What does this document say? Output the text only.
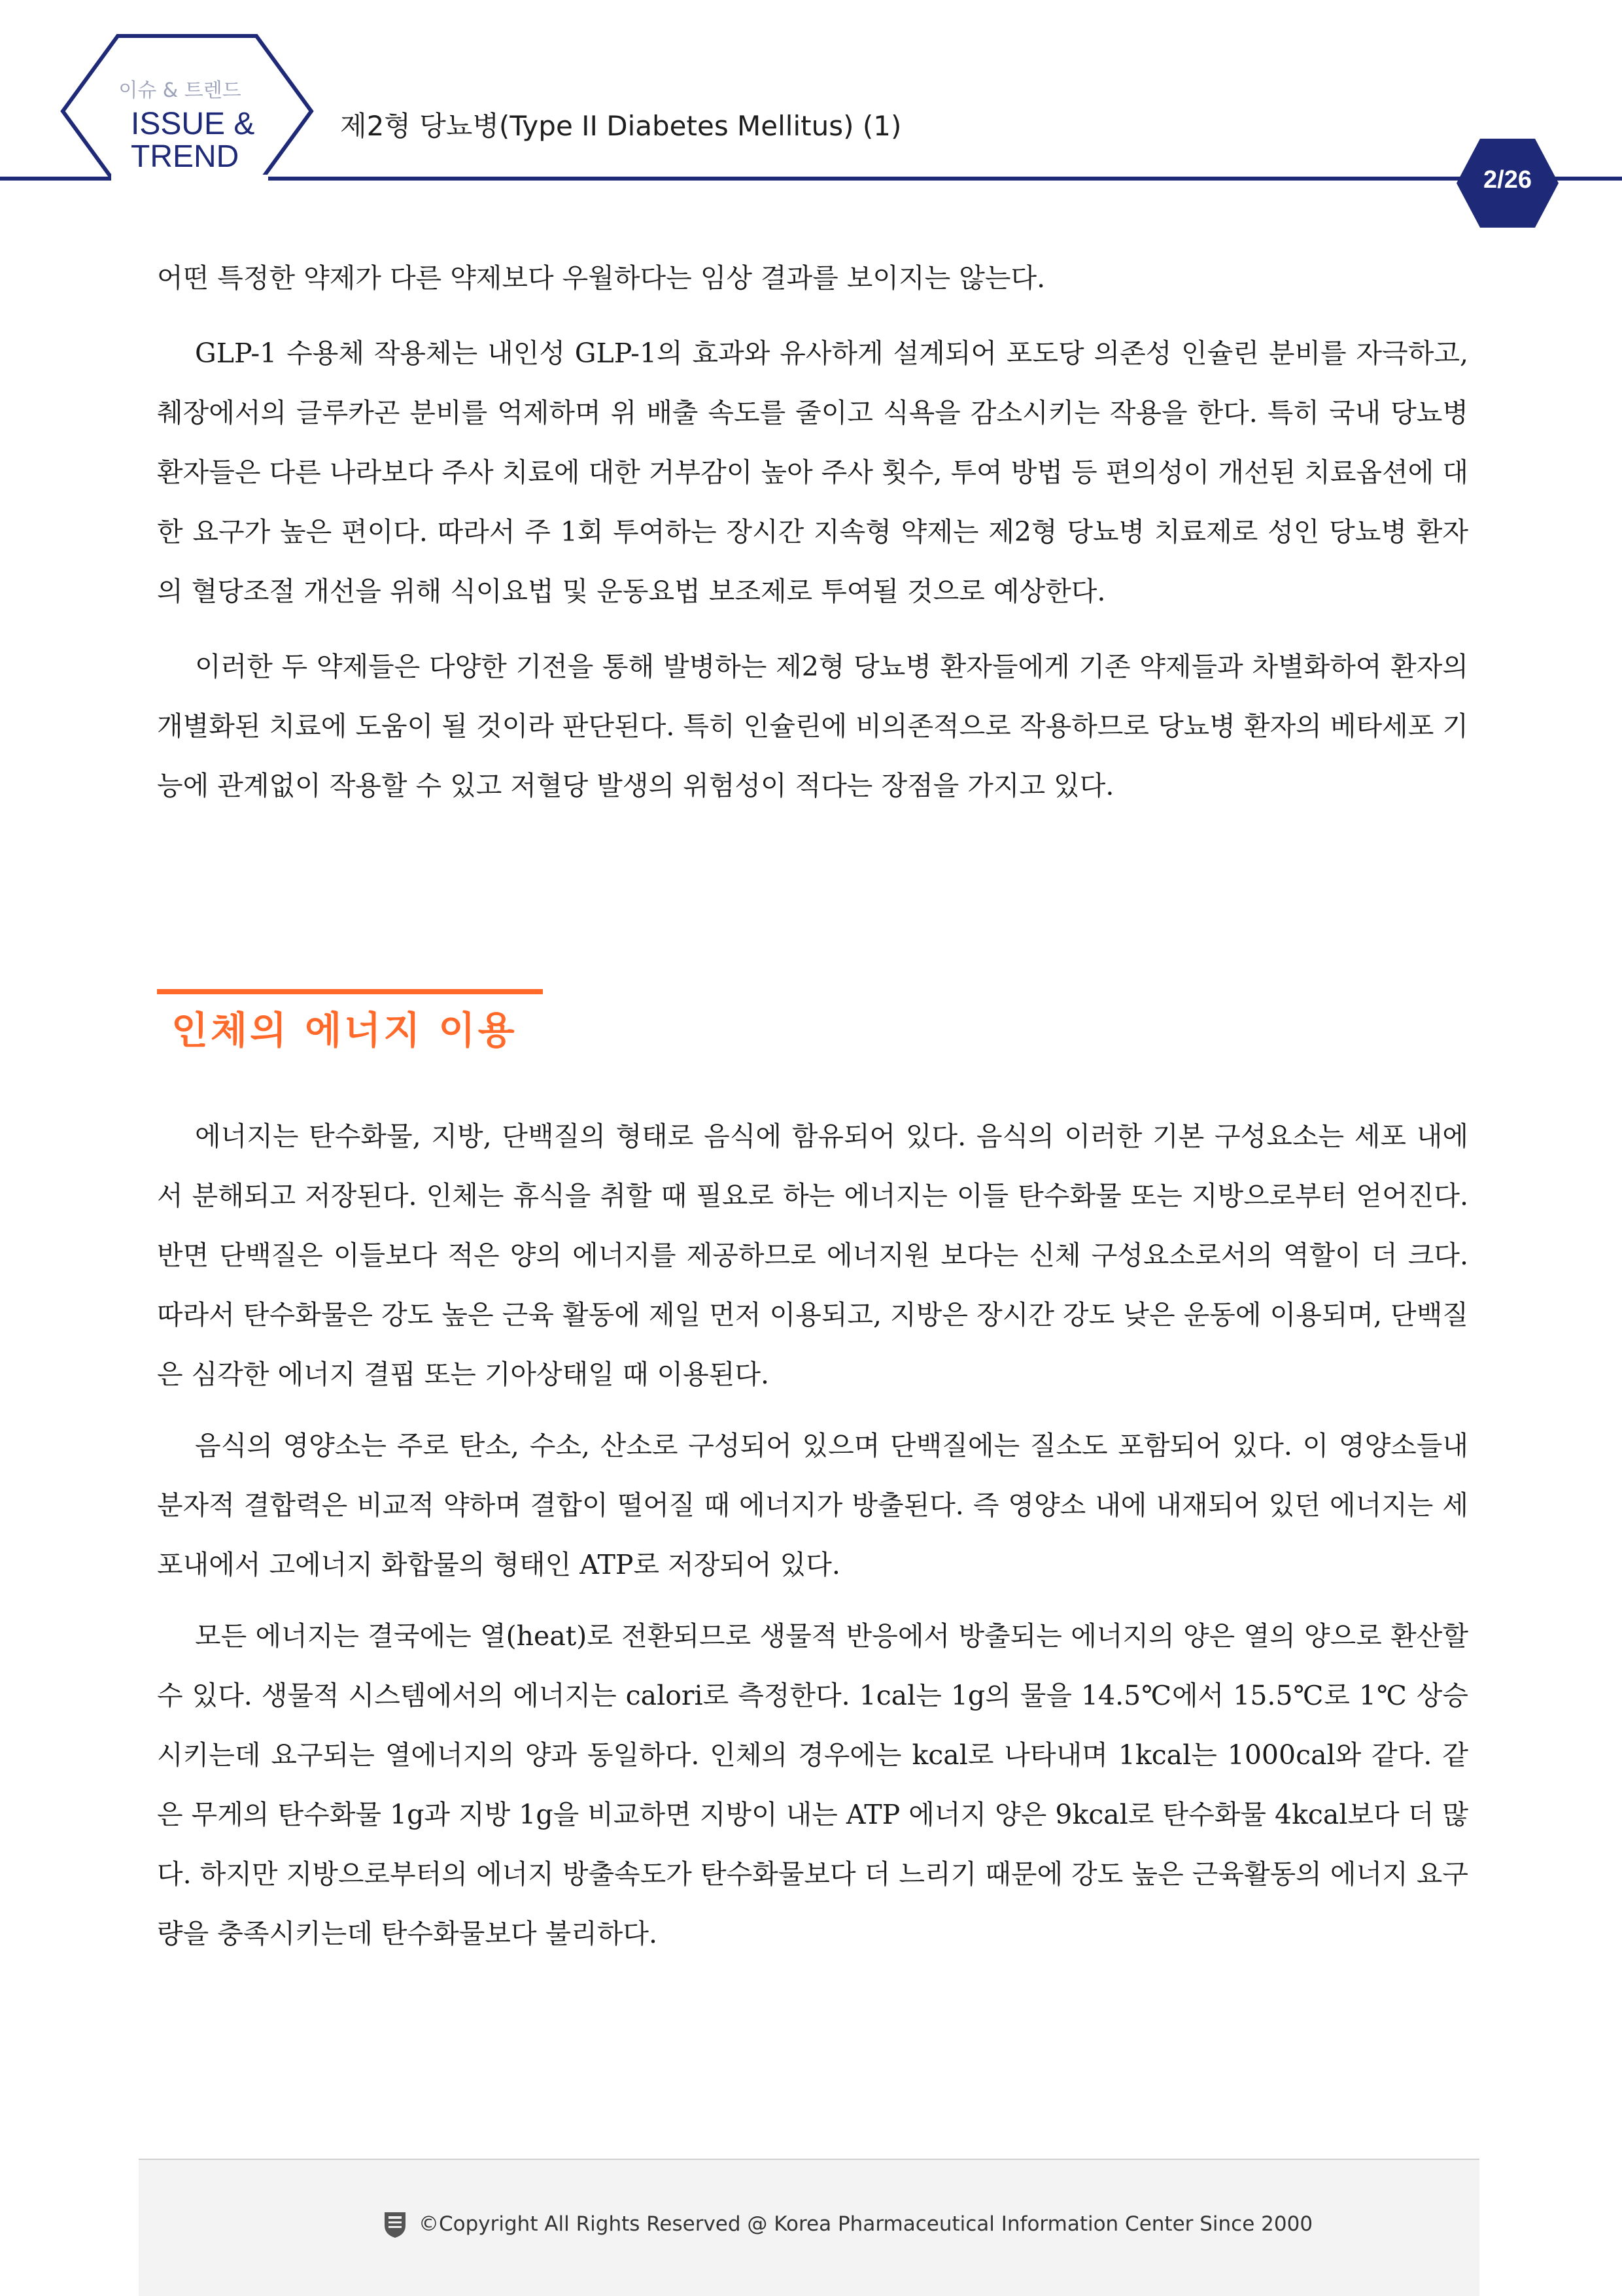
이슈 & 트렌드
ISSUE &
TREND
제2형 당뇨병(Type II Diabetes Mellitus) (1)
2/26

어떤 특정한 약제가 다른 약제보다 우월하다는 임상 결과를 보이지는 않는다.

GLP-1 수용체 작용체는 내인성 GLP-1의 효과와 유사하게 설계되어 포도당 의존성 인슐린 분비를 자극하고, 췌장에서의 글루카곤 분비를 억제하며 위 배출 속도를 줄이고 식욕을 감소시키는 작용을 한다. 특히 국내 당뇨병 환자들은 다른 나라보다 주사 치료에 대한 거부감이 높아 주사 횟수, 투여 방법 등 편의성이 개선된 치료옵션에 대한 요구가 높은 편이다. 따라서 주 1회 투여하는 장시간 지속형 약제는 제2형 당뇨병 치료제로 성인 당뇨병 환자의 혈당조절 개선을 위해 식이요법 및 운동요법 보조제로 투여될 것으로 예상한다.

이러한 두 약제들은 다양한 기전을 통해 발병하는 제2형 당뇨병 환자들에게 기존 약제들과 차별화하여 환자의 개별화된 치료에 도움이 될 것이라 판단된다. 특히 인슐린에 비의존적으로 작용하므로 당뇨병 환자의 베타세포 기능에 관계없이 작용할 수 있고 저혈당 발생의 위험성이 적다는 장점을 가지고 있다.

인체의 에너지 이용

에너지는 탄수화물, 지방, 단백질의 형태로 음식에 함유되어 있다. 음식의 이러한 기본 구성요소는 세포 내에서 분해되고 저장된다. 인체는 휴식을 취할 때 필요로 하는 에너지는 이들 탄수화물 또는 지방으로부터 얻어진다. 반면 단백질은 이들보다 적은 양의 에너지를 제공하므로 에너지원 보다는 신체 구성요소로서의 역할이 더 크다. 따라서 탄수화물은 강도 높은 근육 활동에 제일 먼저 이용되고, 지방은 장시간 강도 낮은 운동에 이용되며, 단백질은 심각한 에너지 결핍 또는 기아상태일 때 이용된다.

음식의 영양소는 주로 탄소, 수소, 산소로 구성되어 있으며 단백질에는 질소도 포함되어 있다. 이 영양소들내 분자적 결합력은 비교적 약하며 결합이 떨어질 때 에너지가 방출된다. 즉 영양소 내에 내재되어 있던 에너지는 세포내에서 고에너지 화합물의 형태인 ATP로 저장되어 있다.

모든 에너지는 결국에는 열(heat)로 전환되므로 생물적 반응에서 방출되는 에너지의 양은 열의 양으로 환산할 수 있다. 생물적 시스템에서의 에너지는 calori로 측정한다. 1cal는 1g의 물을 14.5℃에서 15.5℃로 1℃ 상승시키는데 요구되는 열에너지의 양과 동일하다. 인체의 경우에는 kcal로 나타내며 1kcal는 1000cal와 같다. 같은 무게의 탄수화물 1g과 지방 1g을 비교하면 지방이 내는 ATP 에너지 양은 9kcal로 탄수화물 4kcal보다 더 많다. 하지만 지방으로부터의 에너지 방출속도가 탄수화물보다 더 느리기 때문에 강도 높은 근육활동의 에너지 요구량을 충족시키는데 탄수화물보다 불리하다.

©Copyright All Rights Reserved @ Korea Pharmaceutical Information Center Since 2000
